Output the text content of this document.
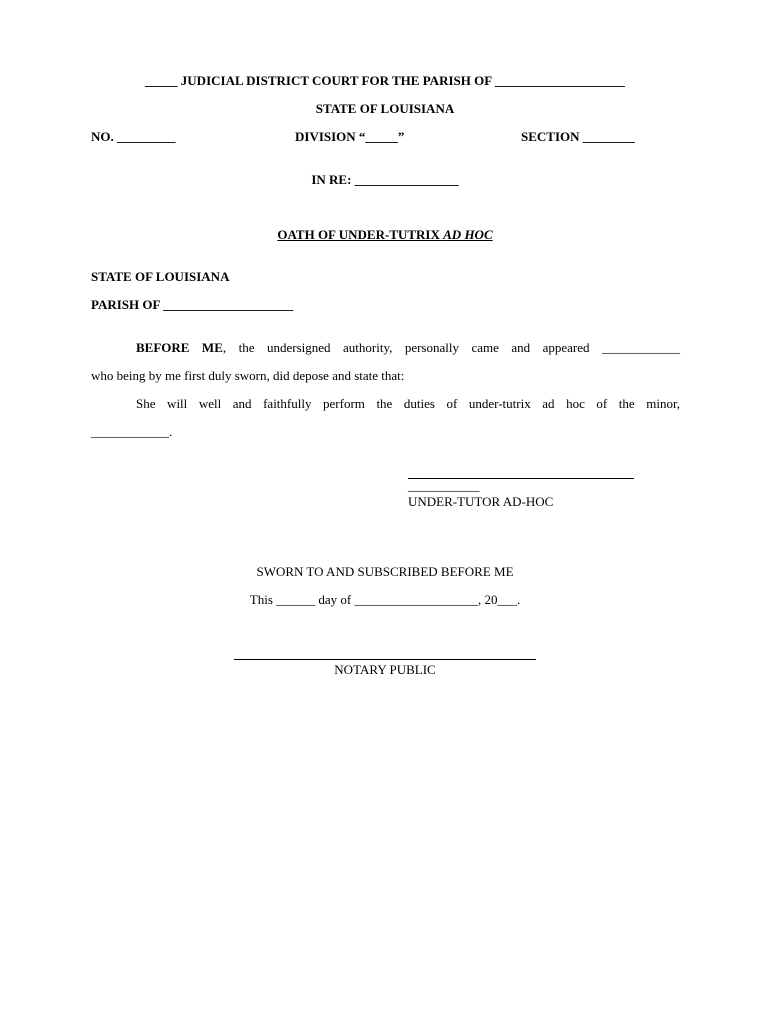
_____ JUDICIAL DISTRICT COURT FOR THE PARISH OF ____________________
STATE OF LOUISIANA
NO. _________	DIVISION “_____”	SECTION ________
IN RE: ________________
OATH OF UNDER-TUTRIX AD HOC
STATE OF LOUISIANA
PARISH OF ____________________
BEFORE ME, the undersigned authority, personally came and appeared ____________
who being by me first duly sworn, did depose and state that:
She will well and faithfully perform the duties of under-tutrix ad hoc of the minor,
____________.
___________
UNDER-TUTOR AD-HOC
SWORN TO AND SUBSCRIBED BEFORE ME
This ______ day of ___________________, 20___.
NOTARY PUBLIC
